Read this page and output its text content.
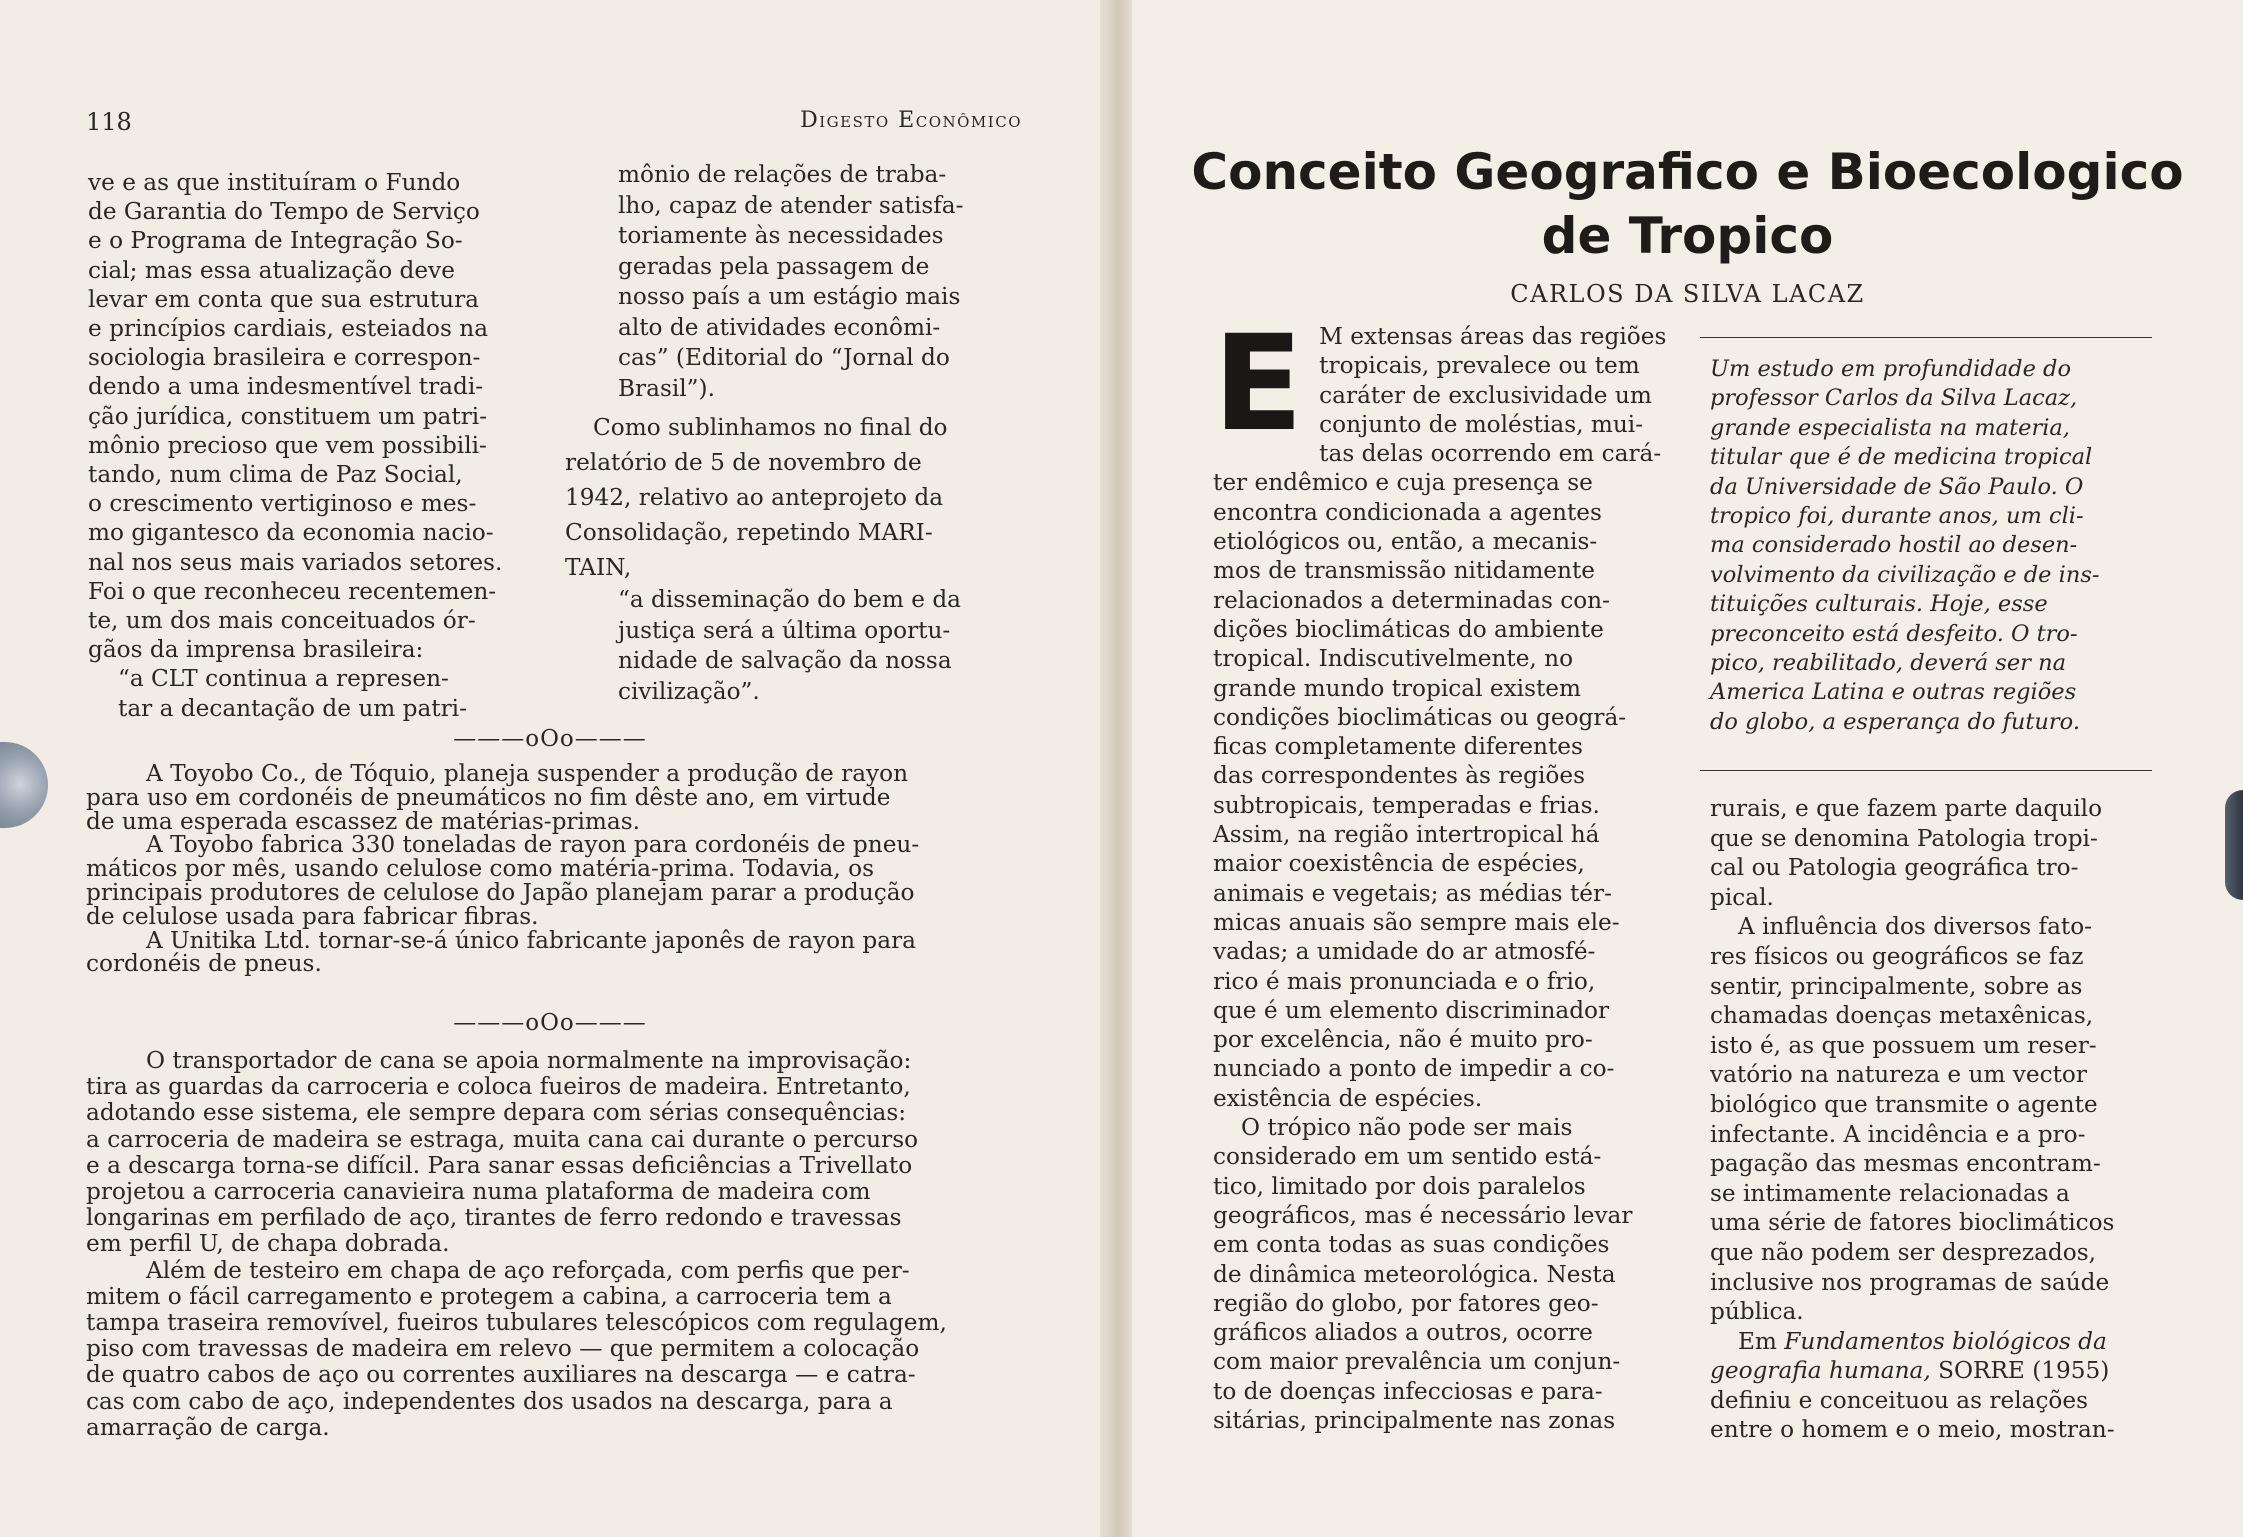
118	Digesto Econômico
ve e as que instituíram o Fundo
de Garantia do Tempo de Serviço
e o Programa de Integração So-
cial; mas essa atualização deve
levar em conta que sua estrutura
e princípios cardiais, esteiados na
sociologia brasileira e correspon-
dendo a uma indesmentível tradi-
ção jurídica, constituem um patri-
mônio precioso que vem possibili-
tando, num clima de Paz Social,
o crescimento vertiginoso e mes-
mo gigantesco da economia nacio-
nal nos seus mais variados setores.
Foi o que reconheceu recentemen-
te, um dos mais conceituados ór-
gãos da imprensa brasileira:
“a CLT continua a represen-
tar a decantação de um patri-
mônio de relações de traba-
lho, capaz de atender satisfa-
toriamente às necessidades
geradas pela passagem de
nosso país a um estágio mais
alto de atividades econômi-
cas” (Editorial do “Jornal do
Brasil”).
Como sublinhamos no final do
relatório de 5 de novembro de
1942, relativo ao anteprojeto da
Consolidação, repetindo MARI-
TAIN,
“a disseminação do bem e da
justiça será a última oportu-
nidade de salvação da nossa
civilização”.
———oOo———
A Toyobo Co., de Tóquio, planeja suspender a produção de rayon
para uso em cordonéis de pneumáticos no fim dêste ano, em virtude
de uma esperada escassez de matérias-primas.
A Toyobo fabrica 330 toneladas de rayon para cordonéis de pneu-
máticos por mês, usando celulose como matéria-prima. Todavia, os
principais produtores de celulose do Japão planejam parar a produção
de celulose usada para fabricar fibras.
A Unitika Ltd. tornar-se-á único fabricante japonês de rayon para
cordonéis de pneus.
———oOo———
O transportador de cana se apoia normalmente na improvisação:
tira as guardas da carroceria e coloca fueiros de madeira. Entretanto,
adotando esse sistema, ele sempre depara com sérias consequências:
a carroceria de madeira se estraga, muita cana cai durante o percurso
e a descarga torna-se difícil. Para sanar essas deficiências a Trivellato
projetou a carroceria canavieira numa plataforma de madeira com
longarinas em perfilado de aço, tirantes de ferro redondo e travessas
em perfil U, de chapa dobrada.
Além de testeiro em chapa de aço reforçada, com perfis que per-
mitem o fácil carregamento e protegem a cabina, a carroceria tem a
tampa traseira removível, fueiros tubulares telescópicos com regulagem,
piso com travessas de madeira em relevo — que permitem a colocação
de quatro cabos de aço ou correntes auxiliares na descarga — e catra-
cas com cabo de aço, independentes dos usados na descarga, para a
amarração de carga.
Conceito Geografico e Bioecologico
de Tropico
CARLOS DA SILVA LACAZ
E M extensas áreas das regiões
tropicais, prevalece ou tem
caráter de exclusividade um
conjunto de moléstias, mui-
tas delas ocorrendo em cará-
ter endêmico e cuja presença se
encontra condicionada a agentes
etiológicos ou, então, a mecanis-
mos de transmissão nitidamente
relacionados a determinadas con-
dições bioclimáticas do ambiente
tropical. Indiscutivelmente, no
grande mundo tropical existem
condições bioclimáticas ou geográ-
ficas completamente diferentes
das correspondentes às regiões
subtropicais, temperadas e frias.
Assim, na região intertropical há
maior coexistência de espécies,
animais e vegetais; as médias tér-
micas anuais são sempre mais ele-
vadas; a umidade do ar atmosfé-
rico é mais pronunciada e o frio,
que é um elemento discriminador
por excelência, não é muito pro-
nunciado a ponto de impedir a co-
existência de espécies.
O trópico não pode ser mais
considerado em um sentido está-
tico, limitado por dois paralelos
geográficos, mas é necessário levar
em conta todas as suas condições
de dinâmica meteorológica. Nesta
região do globo, por fatores geo-
gráficos aliados a outros, ocorre
com maior prevalência um conjun-
to de doenças infecciosas e para-
sitárias, principalmente nas zonas
Um estudo em profundidade do
professor Carlos da Silva Lacaz,
grande especialista na materia,
titular que é de medicina tropical
da Universidade de São Paulo. O
tropico foi, durante anos, um cli-
ma considerado hostil ao desen-
volvimento da civilização e de ins-
tituições culturais. Hoje, esse
preconceito está desfeito. O tro-
pico, reabilitado, deverá ser na
America Latina e outras regiões
do globo, a esperança do futuro.
rurais, e que fazem parte daquilo
que se denomina Patologia tropi-
cal ou Patologia geográfica tro-
pical.
A influência dos diversos fato-
res físicos ou geográficos se faz
sentir, principalmente, sobre as
chamadas doenças metaxênicas,
isto é, as que possuem um reser-
vatório na natureza e um vector
biológico que transmite o agente
infectante. A incidência e a pro-
pagação das mesmas encontram-
se intimamente relacionadas a
uma série de fatores bioclimáticos
que não podem ser desprezados,
inclusive nos programas de saúde
pública.
Em Fundamentos biológicos da
geografia humana, SORRE (1955)
definiu e conceituou as relações
entre o homem e o meio, mostran-
